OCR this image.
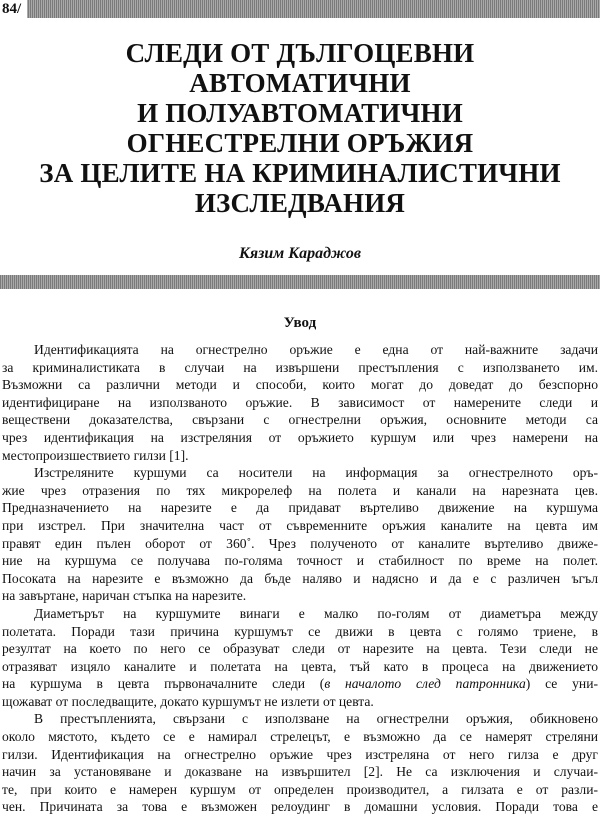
84/
СЛЕДИ ОТ ДЪЛГОЦЕВНИ
АВТОМАТИЧНИ
И ПОЛУАВТОМАТИЧНИ
ОГНЕСТРЕЛНИ ОРЪЖИЯ
ЗА ЦЕЛИТЕ НА КРИМИНАЛИСТИЧНИ
ИЗСЛЕДВАНИЯ
Кязим Караджов
Увод
Идентификацията на огнестрелно оръжие е една от най-важните задачи
за криминалистиката в случаи на извършени престъпления с използването им.
Възможни са различни методи и способи, които могат до доведат до безспорно
идентифициране на използваното оръжие. В зависимост от намерените следи и
веществени доказателства, свързани с огнестрелни оръжия, основните методи са
чрез идентификация на изстреляния от оръжието куршум или чрез намерени на
местопроизшествието гилзи [1].
Изстреляните куршуми са носители на информация за огнестрелното оръ-
жие чрез отразения по тях микрорелеф на полета и канали на нарезната цев.
Предназначението на нарезите е да придават въртеливо движение на куршума
при изстрел. При значителна част от съвременните оръжия каналите на цевта им
правят един пълен оборот от 360˚. Чрез полученото от каналите въртеливо движе-
ние на куршума се получава по-голяма точност и стабилност по време на полет.
Посоката на нарезите е възможно да бъде наляво и надясно и да е с различен ъгъл
на завъртане, наричан стъпка на нарезите.
Диаметърът на куршумите винаги е малко по-голям от диаметъра между
полетата. Поради тази причина куршумът се движи в цевта с голямо триене, в
резултат на което по него се образуват следи от нарезите на цевта. Тези следи не
отразяват изцяло каналите и полетата на цевта, тъй като в процеса на движението
на куршума в цевта първоначалните следи (в началото след патронника) се уни-
щожават от последващите, докато куршумът не излети от цевта.
В престъпленията, свързани с използване на огнестрелни оръжия, обикновено
около мястото, където се е намирал стрелецът, е възможно да се намерят стреляни
гилзи. Идентификация на огнестрелно оръжие чрез изстреляна от него гилза е друг
начин за установяване и доказване на извършител [2]. Не са изключения и случаи-
те, при които е намерен куршум от определен производител, а гилзата е от разли-
чен. Причината за това е възможен релоудинг в домашни условия. Поради това е
